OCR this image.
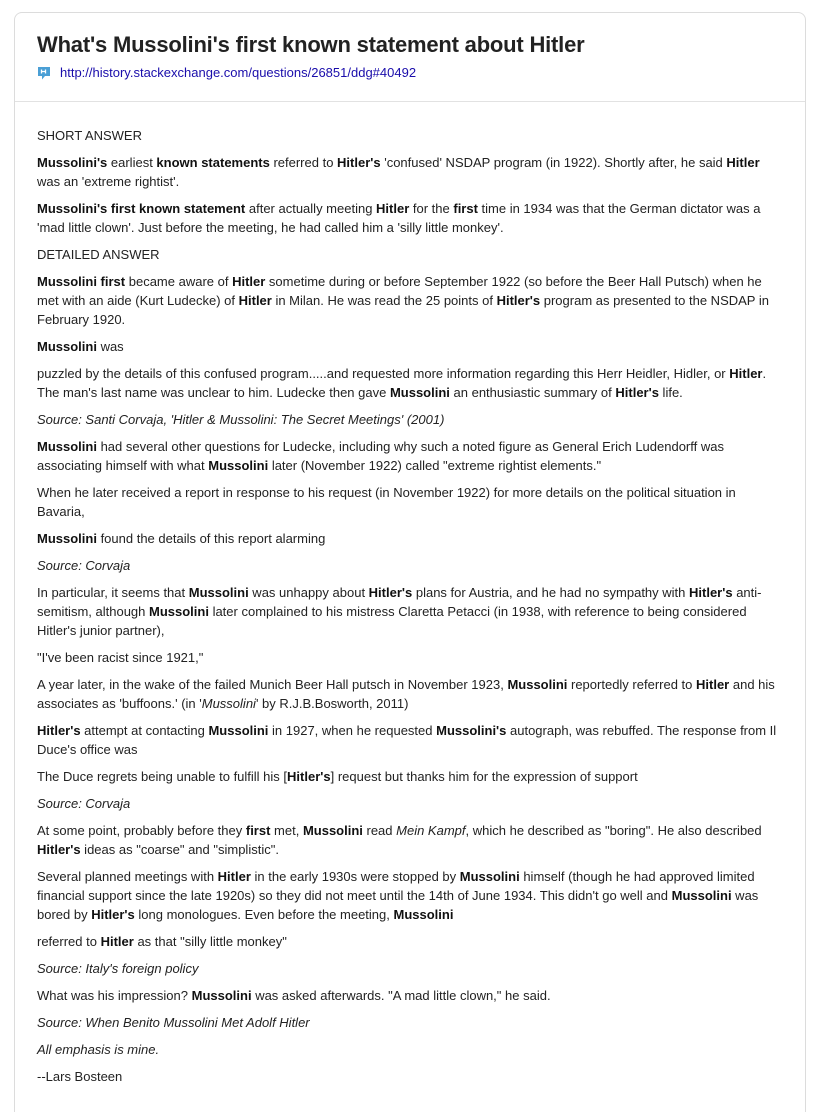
What's Mussolini's first known statement about Hitler
http://history.stackexchange.com/questions/26851/ddg#40492

SHORT ANSWER

Mussolini's earliest known statements referred to Hitler's 'confused' NSDAP program (in 1922). Shortly after, he said Hitler was an 'extreme rightist'.

Mussolini's first known statement after actually meeting Hitler for the first time in 1934 was that the German dictator was a 'mad little clown'. Just before the meeting, he had called him a 'silly little monkey'.

DETAILED ANSWER

Mussolini first became aware of Hitler sometime during or before September 1922 (so before the Beer Hall Putsch) when he met with an aide (Kurt Ludecke) of Hitler in Milan. He was read the 25 points of Hitler's program as presented to the NSDAP in February 1920.

Mussolini was

puzzled by the details of this confused program.....and requested more information regarding this Herr Heidler, Hidler, or Hitler. The man's last name was unclear to him. Ludecke then gave Mussolini an enthusiastic summary of Hitler's life.

Source: Santi Corvaja, 'Hitler & Mussolini: The Secret Meetings' (2001)

Mussolini had several other questions for Ludecke, including why such a noted figure as General Erich Ludendorff was associating himself with what Mussolini later (November 1922) called "extreme rightist elements."

When he later received a report in response to his request (in November 1922) for more details on the political situation in Bavaria,

Mussolini found the details of this report alarming

Source: Corvaja

In particular, it seems that Mussolini was unhappy about Hitler's plans for Austria, and he had no sympathy with Hitler's anti-semitism, although Mussolini later complained to his mistress Claretta Petacci (in 1938, with reference to being considered Hitler's junior partner),

"I've been racist since 1921,"

A year later, in the wake of the failed Munich Beer Hall putsch in November 1923, Mussolini reportedly referred to Hitler and his associates as 'buffoons.' (in 'Mussolini' by R.J.B.Bosworth, 2011)

Hitler's attempt at contacting Mussolini in 1927, when he requested Mussolini's autograph, was rebuffed. The response from Il Duce's office was

The Duce regrets being unable to fulfill his [Hitler's] request but thanks him for the expression of support

Source: Corvaja

At some point, probably before they first met, Mussolini read Mein Kampf, which he described as "boring". He also described Hitler's ideas as "coarse" and "simplistic".

Several planned meetings with Hitler in the early 1930s were stopped by Mussolini himself (though he had approved limited financial support since the late 1920s) so they did not meet until the 14th of June 1934. This didn't go well and Mussolini was bored by Hitler's long monologues. Even before the meeting, Mussolini

referred to Hitler as that "silly little monkey"

Source: Italy's foreign policy

What was his impression? Mussolini was asked afterwards. "A mad little clown," he said.

Source: When Benito Mussolini Met Adolf Hitler

All emphasis is mine.

--Lars Bosteen
